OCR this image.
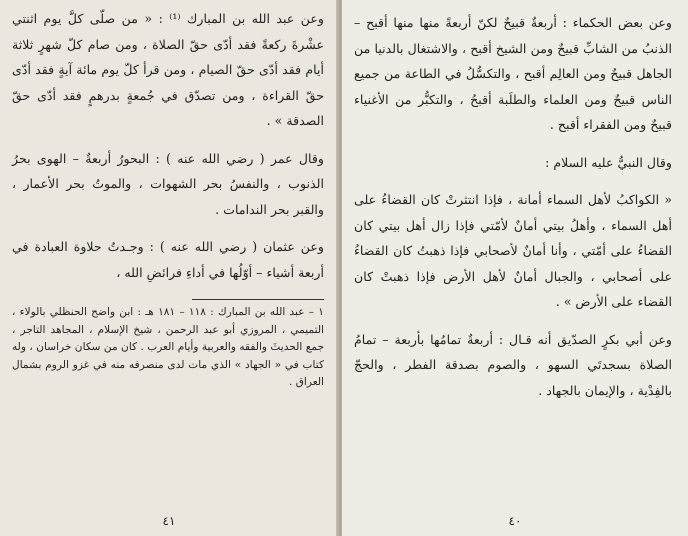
وعن عبد الله بن المبارك ⁽¹⁾ : « من صلّى كلَّ يوم اثنتي عشْرةَ ركعةً فقد أدّى حقّ الصلاة ، ومن صام كلّ شهرٍ ثلاثة أيام فقد أدّى حقّ الصيام ، ومن قرأ كلّ يوم مائة آيةٍ فقد أدّى حقّ القراءة ، ومن تصدّق في جُمعةٍ بدرهمٍ فقد أدّى حقّ الصدقة » .

وقال عمر ( رضي الله عنه ) : البحورُ أربعةٌ – الهوى بحرُ الذنوب ، والنفسُ بحر الشهوات ، والموتُ بحر الأعمار ، والقبر بحر الندامات .

وعن عثمان ( رضي الله عنه ) : وجـدتُ حلاوة العبادة في أربعة أشياء – أوّلُها في أداءِ فرائضِ الله ،

١ – عبد الله بن المبارك : ١١٨ – ١٨١ هـ : ابن واضح الحنظلي بالولاء ، التميمي ، المروزي أبو عبد الرحمن ، شيخ الإسلام ، المجاهد التاجر ، جمع الحديثَ والفقه والعربية وأيام العرب . كان من سكان خراسان ، وله كتاب في « الجهاد » الذي مات لدى منصرفه منه في غزو الروم بشمال العراق .

٤١

وعن بعض الحكماء : أربعةٌ قبيحٌ لكنّ أربعةً منها منها أقبح – الذنبُ من الشابِّ قبيحٌ ومن الشيخ أقبح ، والاشتغال بالدنيا من الجاهل قبيحٌ ومن العالِم أقبح ، والتكسُّلُ في الطاعة من جميع الناس قبيحٌ ومن العلماء والطلَبة أقبحُ ، والتكبُّر من الأغنياء قبيحٌ ومن الفقراء أقبح .

وقال النبيُّ عليه السلام :

« الكواكبُ لأهل السماء أمانة ، فإذا انتثرتْ كان القضاءُ على أهل السماء ، وأهلُ بيتي أمانٌ لأمّتي فإذا زال أهل بيتي كان القضاءُ على أمّتي ، وأنا أمانٌ لأصحابي فإذا ذهبتُ كان القضاءُ على أصحابي ، والجبال أمانٌ لأهل الأرض فإذا ذهبتْ كان القضاء على الأرض » .

وعن أبي بكرٍ الصدّيق أنه قـال : أربعةٌ تمامُها بأربعة – تمامُ الصلاة بسجدتَي السهو ، والصوم بصدقة الفطر ، والحجّ بالفِدْية ، والإيمان بالجهاد .

٤٠
